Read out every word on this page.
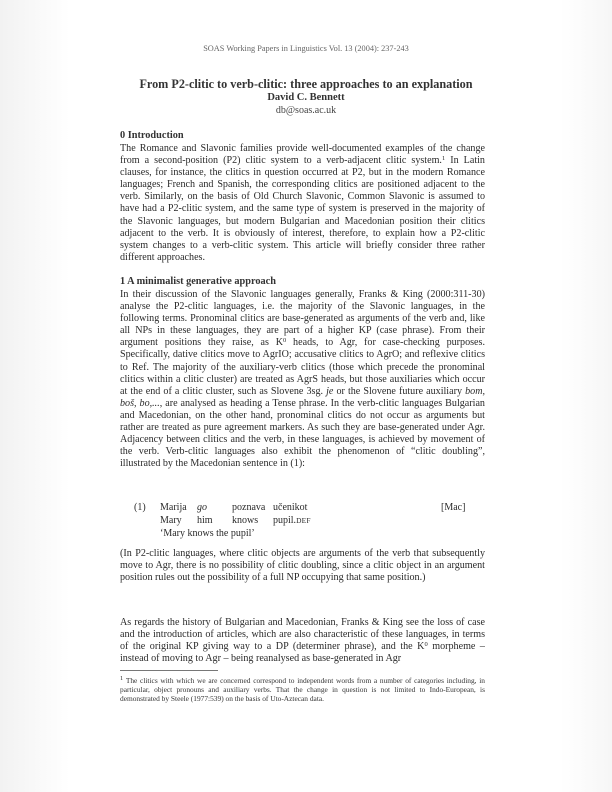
SOAS Working Papers in Linguistics Vol. 13 (2004): 237-243
From P2-clitic to verb-clitic: three approaches to an explanation
David C. Bennett
db@soas.ac.uk

0 Introduction

The Romance and Slavonic families provide well-documented examples of the change from a second-position (P2) clitic system to a verb-adjacent clitic system.$^1$ In Latin clauses, for instance, the clitics in question occurred at P2, but in the modern Romance languages; French and Spanish, the corresponding clitics are positioned adjacent to the verb. Similarly, on the basis of Old Church Slavonic, Common Slavonic is assumed to have had a P2-clitic system, and the same type of system is preserved in the majority of the Slavonic languages, but modern Bulgarian and Macedonian position their clitics adjacent to the verb. It is obviously of interest, therefore, to explain how a P2-clitic system changes to a verb-clitic system. This article will briefly consider three rather different approaches.

1 A minimalist generative approach

In their discussion of the Slavonic languages generally, Franks & King (2000:311-30) analyse the P2-clitic languages, i.e. the majority of the Slavonic languages, in the following terms. Pronominal clitics are base-generated as arguments of the verb and, like all NPs in these languages, they are part of a higher KP (case phrase). From their argument positions they raise, as $K^0$ heads, to Agr, for case-checking purposes. Specifically, dative clitics move to AgrIO; accusative clitics to AgrO; and reflexive clitics to Ref. The majority of the auxiliary-verb clitics (those which precede the pronominal clitics within a clitic cluster) are treated as AgrS heads, but those auxiliaries which occur at the end of a clitic cluster, such as Slovene 3sg. je or the Slovene future auxiliary bom, boš, bo,..., are analysed as heading a Tense phrase. In the verb-clitic languages Bulgarian and Macedonian, on the other hand, pronominal clitics do not occur as arguments but rather are treated as pure agreement markers. As such they are base-generated under Agr. Adjacency between clitics and the verb, in these languages, is achieved by movement of the verb. Verb-clitic languages also exhibit the phenomenon of “clitic doubling”, illustrated by the Macedonian sentence in (1):

(1) Marija go	poznava učenikot	[Mac]
Mary him knows pupil.DEF
‘Mary knows the pupil’

(In P2-clitic languages, where clitic objects are arguments of the verb that subsequently move to Agr, there is no possibility of clitic doubling, since a clitic object in an argument position rules out the possibility of a full NP occupying that same position.)

As regards the history of Bulgarian and Macedonian, Franks & King see the loss of case and the introduction of articles, which are also characteristic of these languages, in terms of the original KP giving way to a DP (determiner phrase), and the $K^0$ morpheme – instead of moving to Agr – being reanalysed as base-generated in Agr

$^1$ The clitics with which we are concerned correspond to independent words from a number of categories including, in particular, object pronouns and auxiliary verbs. That the change in question is not limited to Indo-European, is demonstrated by Steele (1977:539) on the basis of Uto-Aztecan data.
